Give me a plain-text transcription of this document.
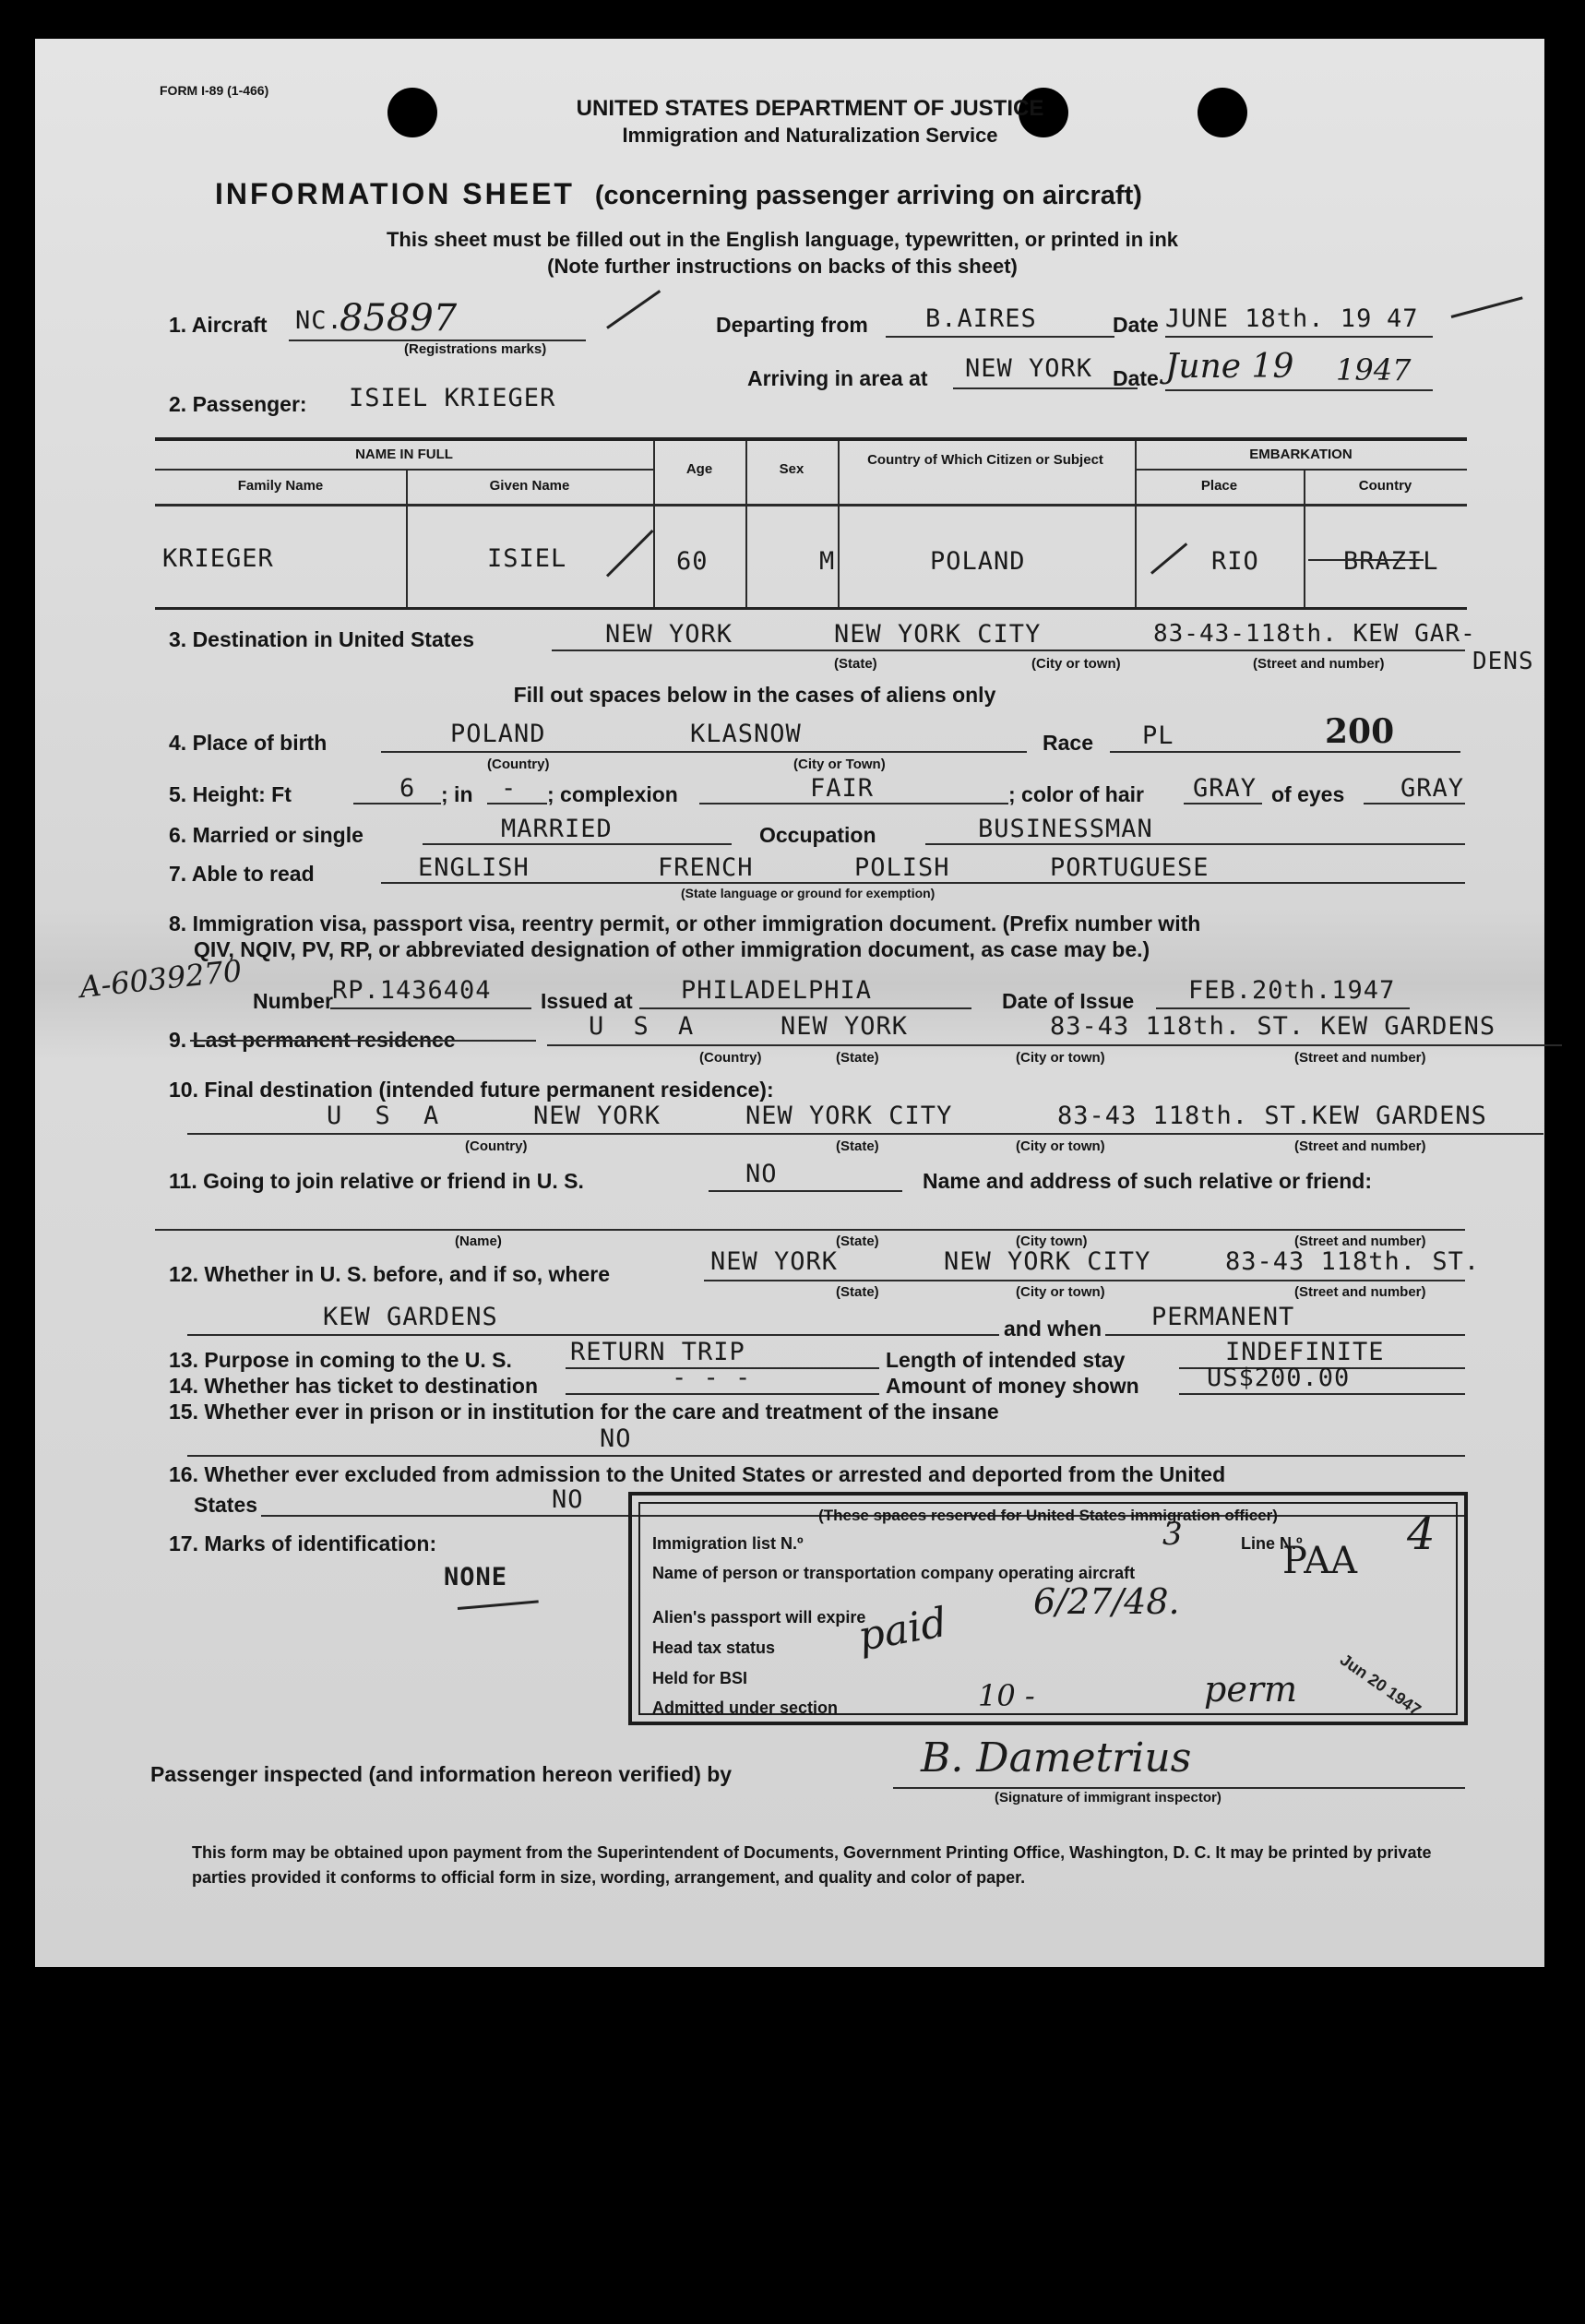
FORM I-89 (1-466)
UNITED STATES DEPARTMENT OF JUSTICE
Immigration and Naturalization Service
INFORMATION SHEET (concerning passenger arriving on aircraft)
This sheet must be filled out in the English language, typewritten, or printed in ink
(Note further instructions on backs of this sheet)
1. Aircraft NC.
85897
(Registrations marks)
Departing from B.AIRES	Date JUNE 18th. 19 47
Arriving in area at NEW YORK Date June 19 1947
2. Passenger: ISIEL KRIEGER
NAME IN FULL
Family Name	Given Name
Age	Sex
Country of Which Citizen or Subject	EMBARKATION
Place	Country
KRIEGER	ISIEL	60	M	POLAND	RIO	BRAZIL
3. Destination in United States	NEW YORK	NEW YORK CITY	83-43-118th. KEW GAR-
DENS
(State)	(City or town)	(Street and number)
Fill out spaces below in the cases of aliens only
4. Place of birth	POLAND	KLASNOW
(Country)	(City or Town)
Race PL	200
5. Height: Ft	6 ; in - ; complexion	FAIR	; color of hair GRAY of eyes GRAY
6. Married or single	MARRIED	Occupation	BUSINESSMAN
7. Able to read	ENGLISH	FRENCH	POLISH	PORTUGUESE
(State language or ground for exemption)
8. Immigration visa, passport visa, reentry permit, or other immigration document. (Prefix number with
QIV, NQIV, PV, RP, or abbreviated designation of other immigration document, as case may be.)
A-6039270 Number RP.1436404 Issued at PHILADELPHIA	Date of Issue FEB.20th.1947
9. Last permanent residence	U S A	NEW YORK	83-43 118th. ST. KEW GARDENS
(Country)	(State)	(City or town)	(Street and number)
10. Final destination (intended future permanent residence):
U S A	NEW YORK	NEW YORK CITY	83-43 118th. ST.KEW GARDENS
(Country)	(State)	(City or town)	(Street and number)
11. Going to join relative or friend in U. S.	NO	Name and address of such relative or friend:
(Name)	(State)	(City town)	(Street and number)
12. Whether in U. S. before, and if so, where	NEW YORK	NEW YORK CITY	83-43 118th. ST.
(State)	(City or town)	(Street and number)
KEW GARDENS	and when PERMANENT
13. Purpose in coming to the U. S. RETURN TRIP	Length of intended stay	INDEFINITE
14. Whether has ticket to destination	- - -	Amount of money shown	US$200.00
15. Whether ever in prison or in institution for the care and treatment of the insane
NO
16. Whether ever excluded from admission to the United States or arrested and deported from the United
States	NO
17. Marks of identification:
NONE
(These spaces reserved for United States immigration officer)
Immigration list N.º	3	Line N.º 4
Name of person or transportation company operating aircraft	PAA
Alien's passport will expire	6/27/48.
Head tax status paid
Held for BSI
Admitted under section	10 -	perm Jun 20 1947
Passenger inspected (and information hereon verified) by	B. Dametrius
(Signature of immigrant inspector)
This form may be obtained upon payment from the Superintendent of Documents, Government Printing Office, Washington, D. C. It may be printed by private parties provided it conforms to official form in size, wording, arrangement, and quality and color of paper.
